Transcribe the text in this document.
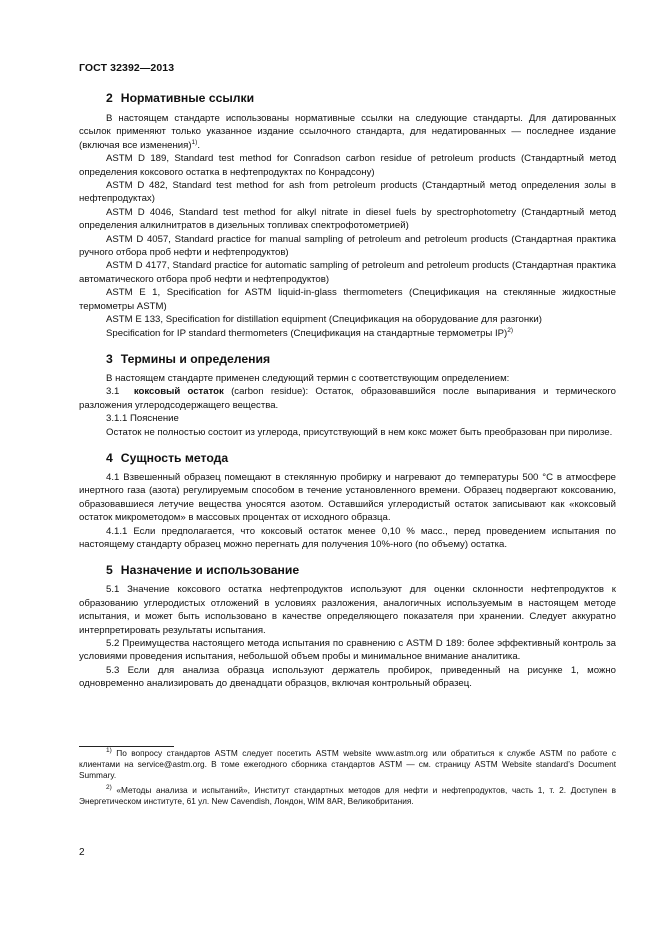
ГОСТ 32392—2013
2 Нормативные ссылки

В настоящем стандарте использованы нормативные ссылки на следующие стандарты. Для датированных ссылок применяют только указанное издание ссылочного стандарта, для недатированных — последнее издание (включая все изменения)$^{1)}$.

ASTM D 189, Standard test method for Conradson carbon residue of petroleum products (Стандартный метод определения коксового остатка в нефтепродуктах по Конрадсону)

ASTM D 482, Standard test method for ash from petroleum products (Стандартный метод определения золы в нефтепродуктах)

ASTM D 4046, Standard test method for alkyl nitrate in diesel fuels by spectrophotometry (Стандартный метод определения алкилнитратов в дизельных топливах спектрофотометрией)

ASTM D 4057, Standard practice for manual sampling of petroleum and petroleum products (Стандартная практика ручного отбора проб нефти и нефтепродуктов)

ASTM D 4177, Standard practice for automatic sampling of petroleum and petroleum products (Стандартная практика автоматического отбора проб нефти и нефтепродуктов)

ASTM E 1, Specification for ASTM liquid-in-glass thermometers (Спецификация на стеклянные жидкостные термометры ASTM)

ASTM E 133, Specification for distillation equipment (Спецификация на оборудование для разгонки)

Specification for IP standard thermometers (Спецификация на стандартные термометры IP)$^{2)}$

3 Термины и определения

В настоящем стандарте применен следующий термин с соответствующим определением:

3.1 коксовый остаток (carbon residue): Остаток, образовавшийся после выпаривания и термического разложения углеродсодержащего вещества.

3.1.1 Пояснение

Остаток не полностью состоит из углерода, присутствующий в нем кокс может быть преобразован при пиролизе.

4 Сущность метода

4.1 Взвешенный образец помещают в стеклянную пробирку и нагревают до температуры 500 °С в атмосфере инертного газа (азота) регулируемым способом в течение установленного времени. Образец подвергают коксованию, образовавшиеся летучие вещества уносятся азотом. Оставшийся углеродистый остаток записывают как «коксовый остаток микрометодом» в массовых процентах от исходного образца.

4.1.1 Если предполагается, что коксовый остаток менее 0,10 % масс., перед проведением испытания по настоящему стандарту образец можно перегнать для получения 10%-ного (по объему) остатка.

5 Назначение и использование

5.1 Значение коксового остатка нефтепродуктов используют для оценки склонности нефтепродуктов к образованию углеродистых отложений в условиях разложения, аналогичных используемым в настоящем методе испытания, и может быть использовано в качестве определяющего показателя при хранении. Следует аккуратно интерпретировать результаты испытания.

5.2 Преимущества настоящего метода испытания по сравнению с ASTM D 189: более эффективный контроль за условиями проведения испытания, небольшой объем пробы и минимальное внимание аналитика.

5.3 Если для анализа образца используют держатель пробирок, приведенный на рисунке 1, можно одновременно анализировать до двенадцати образцов, включая контрольный образец.

$^{1)}$ По вопросу стандартов ASTM следует посетить ASTM website www.astm.org или обратиться к службе ASTM по работе с клиентами на service@astm.org. В томе ежегодного сборника стандартов ASTM — см. страницу ASTM Website standard’s Document Summary.

$^{2)}$ «Методы анализа и испытаний», Институт стандартных методов для нефти и нефтепродуктов, часть 1, т. 2. Доступен в Энергетическом институте, 61 ул. New Cavendish, Лондон, WIM 8AR, Великобритания.

2
